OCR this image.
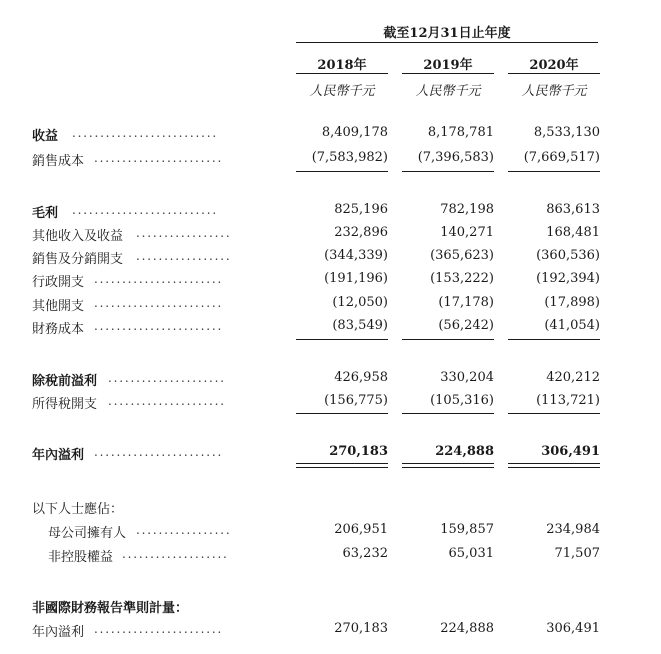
截至12月31日止年度
2018年	2019年	2020年
人民幣千元	人民幣千元	人民幣千元
收益 ..........................	8,409,178	8,178,781	8,533,130
銷售成本 .......................	(7,583,982)	(7,396,583)	(7,669,517)
毛利 ..........................	825,196	782,198	863,613
其他收入及收益 .................	232,896	140,271	168,481
銷售及分銷開支 .................	(344,339)	(365,623)	(360,536)
行政開支 .......................	(191,196)	(153,222)	(192,394)
其他開支 .......................	(12,050)	(17,178)	(17,898)
財務成本 .......................	(83,549)	(56,242)	(41,054)
除稅前溢利 .....................	426,958	330,204	420,212
所得稅開支 .....................	(156,775)	(105,316)	(113,721)
年內溢利 .......................	270,183	224,888	306,491
以下人士應佔：
母公司擁有人 .................	206,951	159,857	234,984
非控股權益 ...................	63,232	65,031	71,507
非國際財務報告準則計量：
年內溢利 .......................	270,183	224,888	306,491
